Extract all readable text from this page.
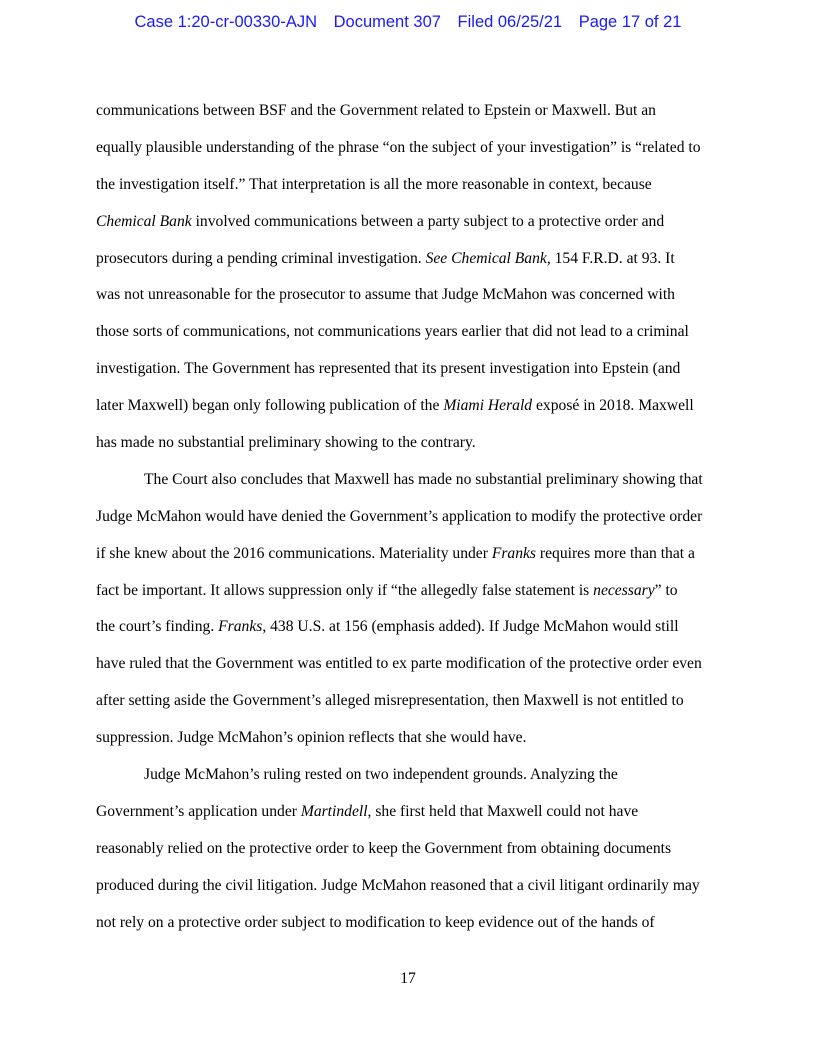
Case 1:20-cr-00330-AJN Document 307 Filed 06/25/21 Page 17 of 21
communications between BSF and the Government related to Epstein or Maxwell. But an
equally plausible understanding of the phrase “on the subject of your investigation” is “related to
the investigation itself.” That interpretation is all the more reasonable in context, because
Chemical Bank involved communications between a party subject to a protective order and
prosecutors during a pending criminal investigation. See Chemical Bank, 154 F.R.D. at 93. It
was not unreasonable for the prosecutor to assume that Judge McMahon was concerned with
those sorts of communications, not communications years earlier that did not lead to a criminal
investigation. The Government has represented that its present investigation into Epstein (and
later Maxwell) began only following publication of the Miami Herald exposé in 2018. Maxwell
has made no substantial preliminary showing to the contrary.
The Court also concludes that Maxwell has made no substantial preliminary showing that
Judge McMahon would have denied the Government’s application to modify the protective order
if she knew about the 2016 communications. Materiality under Franks requires more than that a
fact be important. It allows suppression only if “the allegedly false statement is necessary” to
the court’s finding. Franks, 438 U.S. at 156 (emphasis added). If Judge McMahon would still
have ruled that the Government was entitled to ex parte modification of the protective order even
after setting aside the Government’s alleged misrepresentation, then Maxwell is not entitled to
suppression. Judge McMahon’s opinion reflects that she would have.
Judge McMahon’s ruling rested on two independent grounds. Analyzing the
Government’s application under Martindell, she first held that Maxwell could not have
reasonably relied on the protective order to keep the Government from obtaining documents
produced during the civil litigation. Judge McMahon reasoned that a civil litigant ordinarily may
not rely on a protective order subject to modification to keep evidence out of the hands of
17
